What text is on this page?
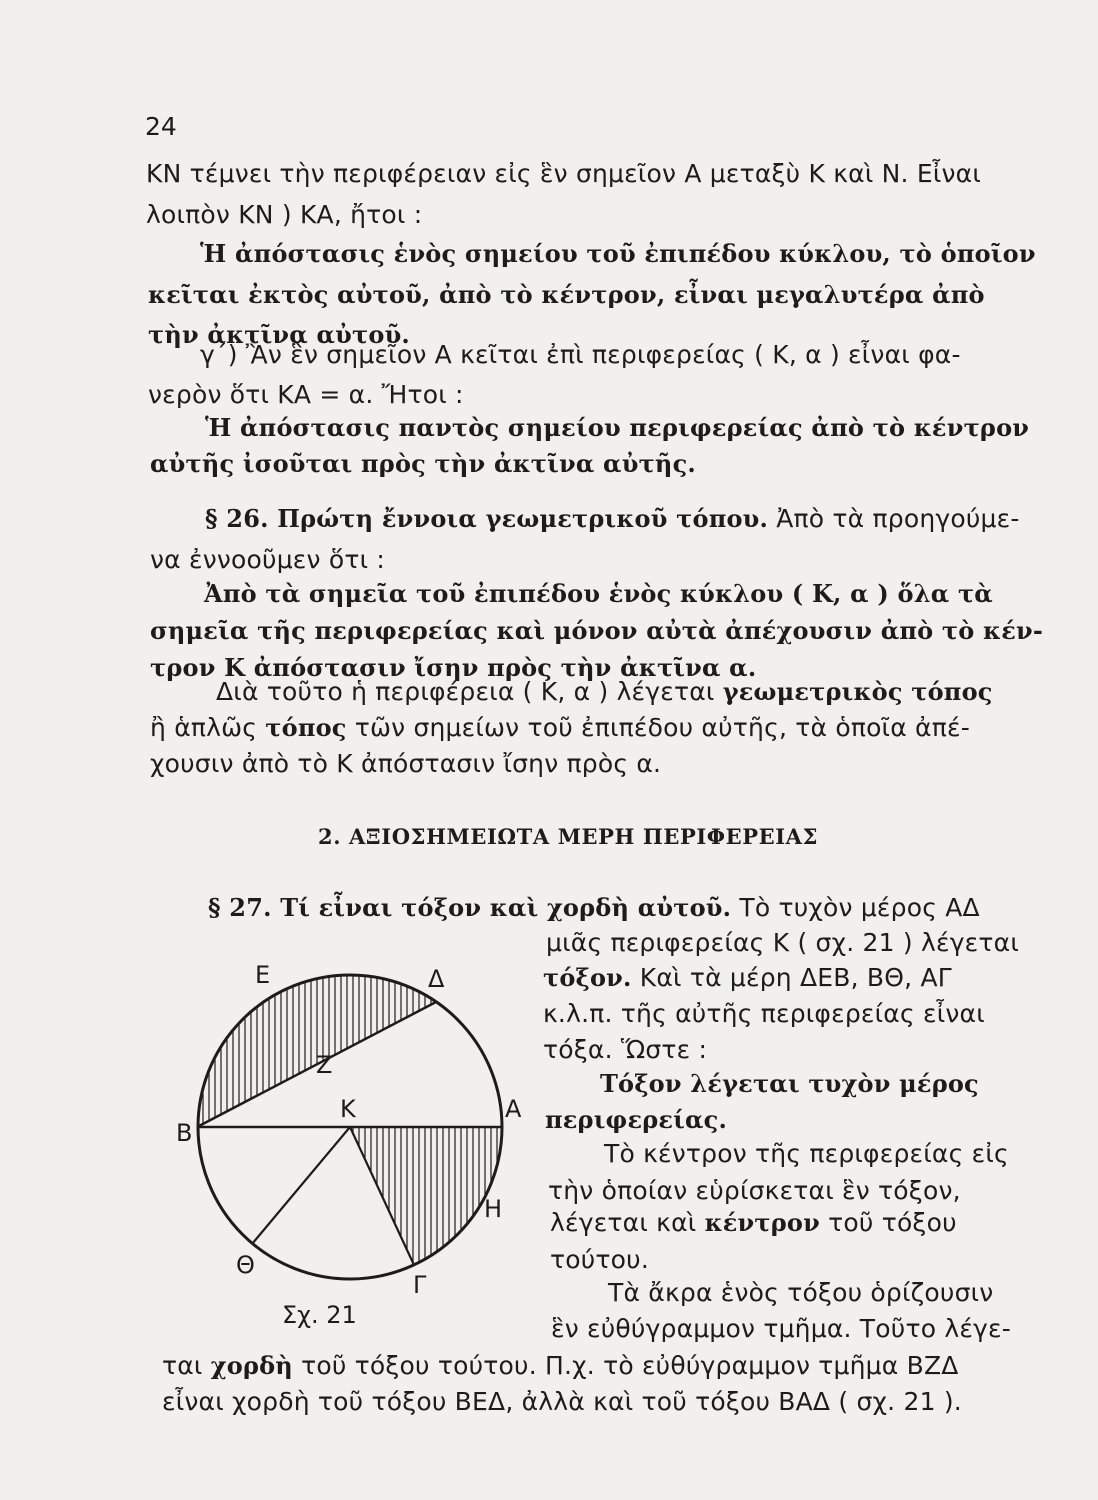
24
ΚΝ τέμνει τὴν περιφέρειαν εἰς ἓν σημεῖον Α μεταξὺ Κ καὶ Ν. Εἶναι
λοιπὸν ΚΝ ) ΚΑ, ἤτοι :
Ἡ ἀπόστασις ἑνὸς σημείου τοῦ ἐπιπέδου κύκλου, τὸ ὁποῖον
κεῖται ἐκτὸς αὐτοῦ, ἀπὸ τὸ κέντρον, εἶναι μεγαλυτέρα ἀπὸ
τὴν ἀκτῖνα αὐτοῦ.
γ΄) Ἂν ἓν σημεῖον Α κεῖται ἐπὶ περιφερείας ( Κ, α ) εἶναι φα-
νερὸν ὅτι ΚΑ = α. Ἤτοι :
Ἡ ἀπόστασις παντὸς σημείου περιφερείας ἀπὸ τὸ κέντρον
αὐτῆς ἰσοῦται πρὸς τὴν ἀκτῖνα αὐτῆς.
§ 26. Πρώτη ἔννοια γεωμετρικοῦ τόπου. Ἀπὸ τὰ προηγούμε-
να ἐννοοῦμεν ὅτι :
Ἀπὸ τὰ σημεῖα τοῦ ἐπιπέδου ἑνὸς κύκλου ( Κ, α ) ὅλα τὰ
σημεῖα τῆς περιφερείας καὶ μόνον αὐτὰ ἀπέχουσιν ἀπὸ τὸ κέν-
τρον Κ ἀπόστασιν ἴσην πρὸς τὴν ἀκτῖνα α.
Διὰ τοῦτο ἡ περιφέρεια ( Κ, α ) λέγεται γεωμετρικὸς τόπος
ἢ ἁπλῶς τόπος τῶν σημείων τοῦ ἐπιπέδου αὐτῆς, τὰ ὁποῖα ἀπέ-
χουσιν ἀπὸ τὸ Κ ἀπόστασιν ἴσην πρὸς α.
2. ΑΞΙΟΣΗΜΕΙΩΤΑ ΜΕΡΗ ΠΕΡΙΦΕΡΕΙΑΣ
§ 27. Τί εἶναι τόξον καὶ χορδὴ αὐτοῦ. Τὸ τυχὸν μέρος ΑΔ
μιᾶς περιφερείας Κ ( σχ. 21 ) λέγεται
τόξον. Καὶ τὰ μέρη ΔΕΒ, ΒΘ, ΑΓ
κ.λ.π. τῆς αὐτῆς περιφερείας εἶναι
τόξα. Ὥστε :
Τόξον λέγεται τυχὸν μέρος
περιφερείας.
Τὸ κέντρον τῆς περιφερείας εἰς
τὴν ὁποίαν εὑρίσκεται ἓν τόξον,
λέγεται καὶ κέντρον τοῦ τόξου
τούτου.
Τὰ ἄκρα ἑνὸς τόξου ὁρίζουσιν
ἓν εὐθύγραμμον τμῆμα. Τοῦτο λέγε-
ται χορδὴ τοῦ τόξου τούτου. Π.χ. τὸ εὐθύγραμμον τμῆμα ΒΖΔ
εἶναι χορδὴ τοῦ τόξου ΒΕΔ, ἀλλὰ καὶ τοῦ τόξου ΒΑΔ ( σχ. 21 ).
Ε	Δ
Ζ
Κ
Β
Α
Η
Θ
Γ
Σχ. 21
